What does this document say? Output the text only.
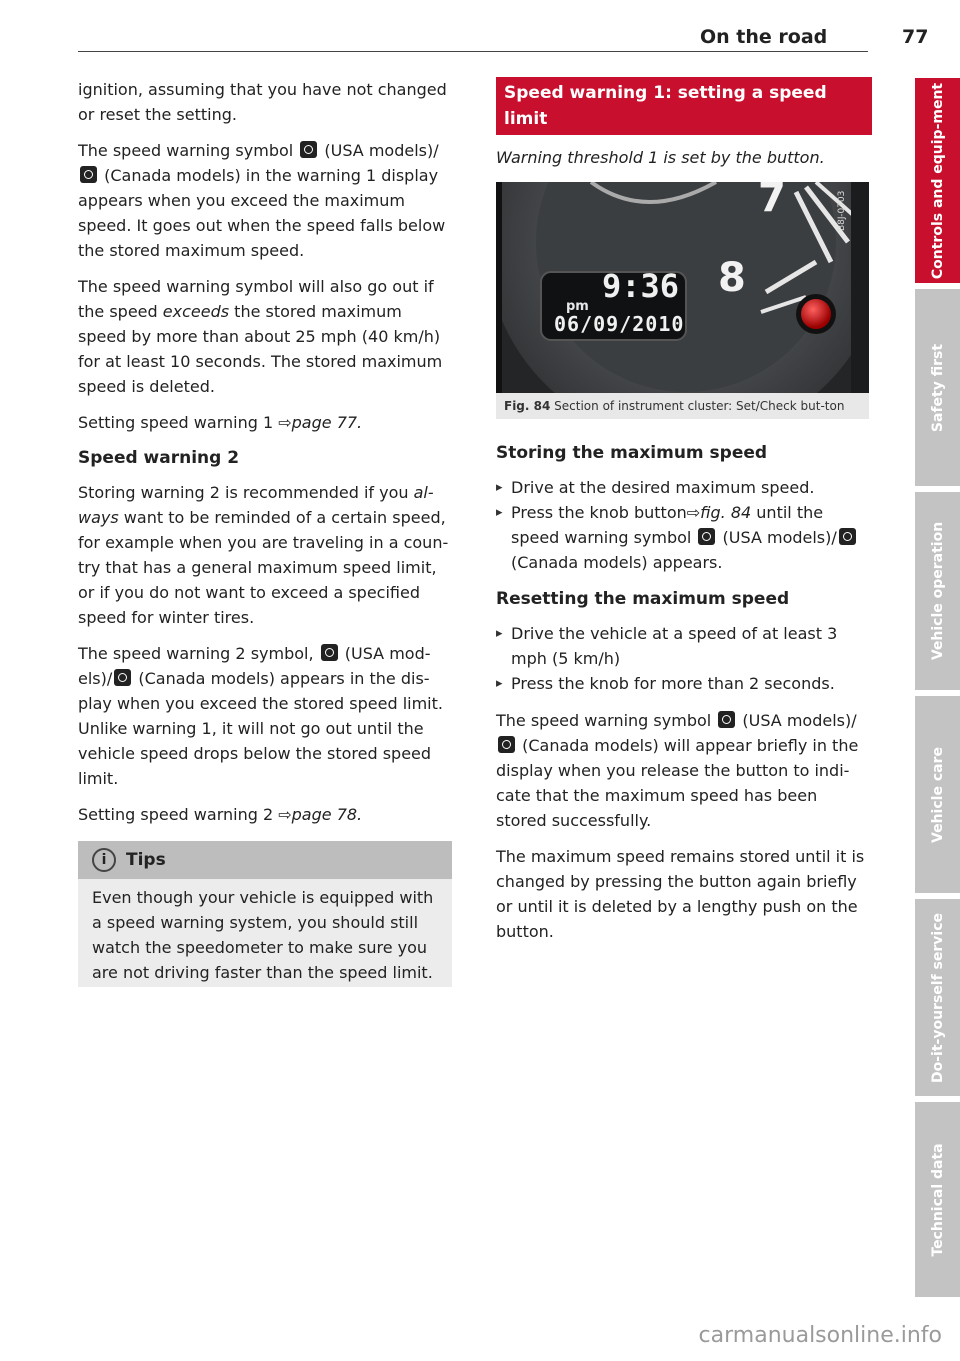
On the road	77

ignition, assuming that you have not changed or reset the setting.

The speed warning symbol (USA models)/ (Canada models) in the warning 1 display appears when you exceed the maximum speed. It goes out when the speed falls below the stored maximum speed.

The speed warning symbol will also go out if the speed exceeds the stored maximum speed by more than about 25 mph (40 km/h) for at least 10 seconds. The stored maximum speed is deleted.

Setting speed warning 1 ⇨page 77.

Speed warning 2

Storing warning 2 is recommended if you al-ways want to be reminded of a certain speed, for example when you are traveling in a coun-try that has a general maximum speed limit, or if you do not want to exceed a specified speed for winter tires.

The speed warning 2 symbol, (USA mod-els)/ (Canada models) appears in the dis-play when you exceed the stored speed limit. Unlike warning 1, it will not go out until the vehicle speed drops below the stored speed limit.

Setting speed warning 2 ⇨page 78.

i Tips
Even though your vehicle is equipped with a speed warning system, you should still watch the speedometer to make sure you are not driving faster than the speed limit.
Speed warning 1: setting a speed limit

Warning threshold 1 is set by the button.

pm
9:36
06/09/2010
7
8
B8J-0703
Fig. 84 Section of instrument cluster: Set/Check but-ton
Storing the maximum speed
▸ Drive at the desired maximum speed.
▸ Press the knob button⇨fig. 84 until the speed warning symbol (USA models)/ (Canada models) appears.
Resetting the maximum speed
▸ Drive the vehicle at a speed of at least 3 mph (5 km/h)
▸ Press the knob for more than 2 seconds.

The speed warning symbol (USA models)/ (Canada models) will appear briefly in the display when you release the button to indi-cate that the maximum speed has been stored successfully.

The maximum speed remains stored until it is changed by pressing the button again briefly or until it is deleted by a lengthy push on the button.

Controls and equip-ment
Safety first
Vehicle operation
Vehicle care
Do-it-yourself service
Technical data
carmanualsonline.info
